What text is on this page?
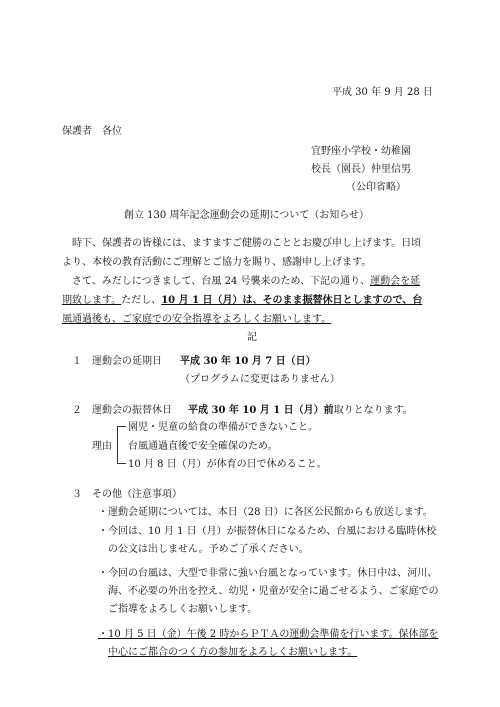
平成 30 年 9 月 28 日
保護者　各位
宜野座小学校・幼稚園
校長（園長）仲里信男
（公印省略）
創立 130 周年記念運動会の延期について（お知らせ）
時下、保護者の皆様には、ますますご健勝のこととお慶び申し上げます。日頃
より、本校の教育活動にご理解とご協力を賜り、感謝申し上げます。
さて、みだしにつきまして、台風 24 号襲来のため、下記の通り、運動会を延
期致します。ただし、10 月 1 日（月）は、そのまま振替休日としますので、台
風通過後も、ご家庭での安全指導をよろしくお願いします。
記
１ 運動会の延期日 平成 30 年 10 月 7 日（日）
（プログラムに変更はありません）
２ 運動会の振替休日 平成 30 年 10 月 1 日（月）前取りとなります。
理由
園児・児童の給食の準備ができないこと。
台風通過直後で安全確保のため。
10 月 8 日（月）が体育の日で休めること。
３ その他（注意事項）
・運動会延期については、本日（28 日）に各区公民館からも放送します。
・今回は、10 月 1 日（月）が振替休日になるため、台風における臨時休校
の公文は出しません。予めご了承ください。
・今回の台風は、大型で非常に強い台風となっています。休日中は、河川、
海、不必要の外出を控え、幼児・児童が安全に過ごせるよう、ご家庭での
ご指導をよろしくお願いします。
・10 月 5 日（金）午後 2 時からＰＴＡの運動会準備を行います。保体部を
中心にご都合のつく方の参加をよろしくお願いします。
